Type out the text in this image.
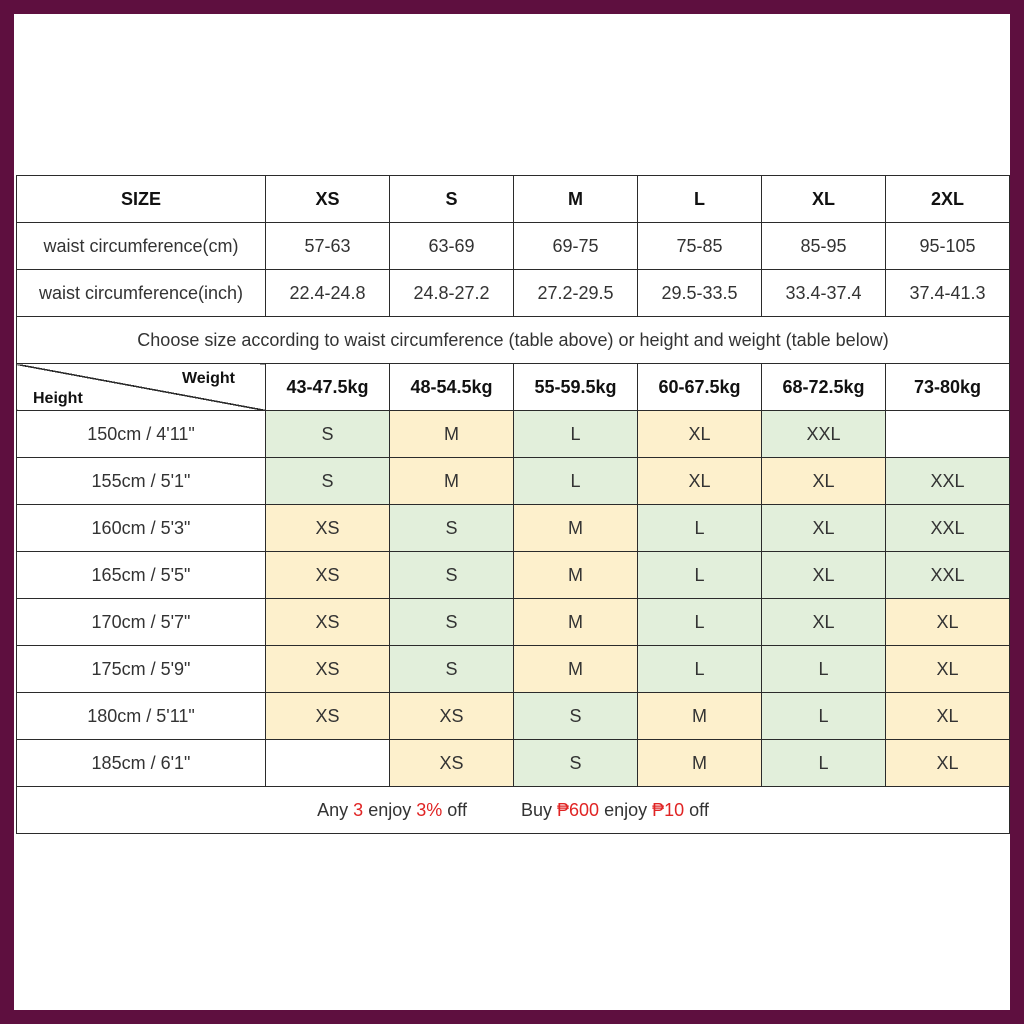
SIZE	XS	S	M	L	XL	2XL
waist circumference(cm)	57-63	63-69	69-75	75-85	85-95	95-105
waist circumference(inch)	22.4-24.8	24.8-27.2	27.2-29.5	29.5-33.5	33.4-37.4	37.4-41.3
Choose size according to waist circumference (table above) or height and weight (table below)						

Weight
Height	43-47.5kg	48-54.5kg	55-59.5kg	60-67.5kg	68-72.5kg	73-80kg
150cm / 4'11"	S	M	L	XL	XXL	
155cm / 5'1"	S	M	L	XL	XL	XXL
160cm / 5'3"	XS	S	M	L	XL	XXL
165cm / 5'5"	XS	S	M	L	XL	XXL
170cm / 5'7"	XS	S	M	L	XL	XL
175cm / 5'9"	XS	S	M	L	L	XL
180cm / 5'11"	XS	XS	S	M	L	XL
185cm / 6'1"		XS	S	M	L	XL
Any 3 enjoy 3% off Buy ₱600 enjoy ₱10 off						
